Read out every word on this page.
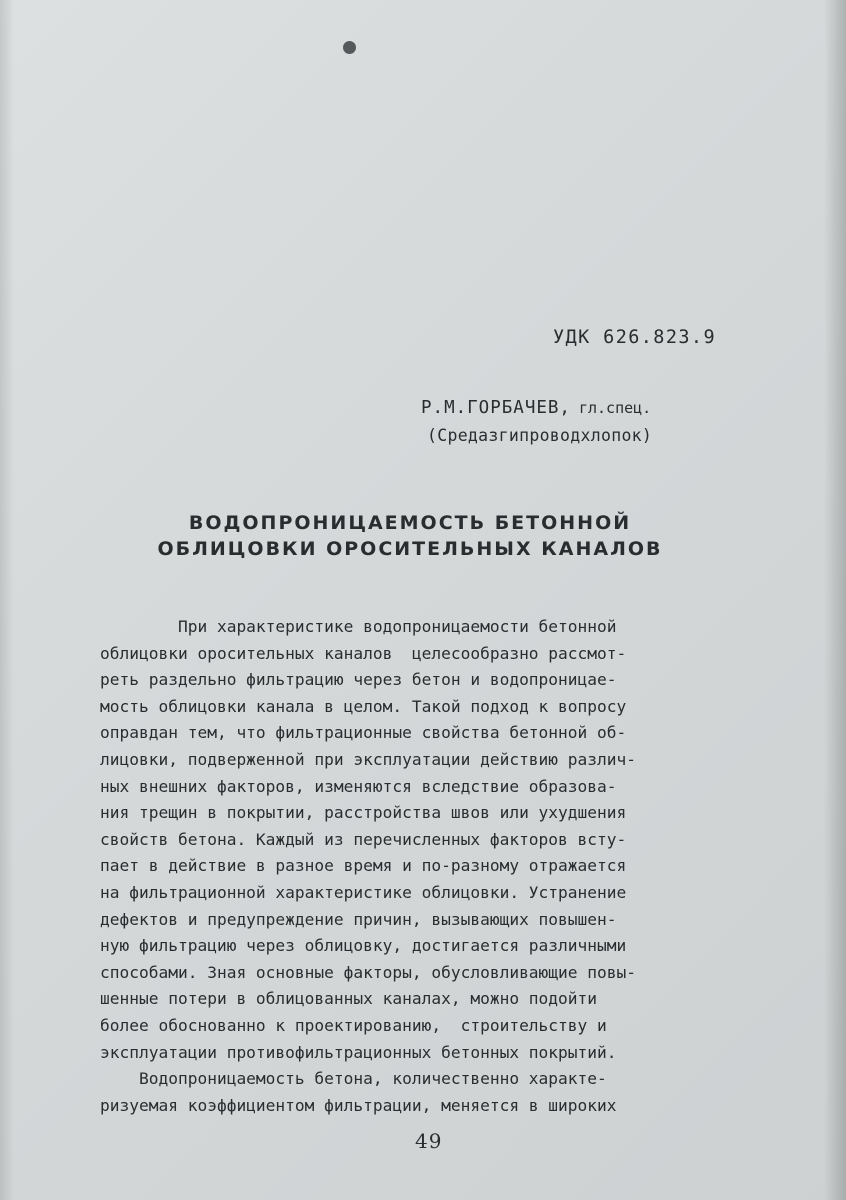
УДК 626.823.9
Р.М.ГОРБАЧЕВ, гл.спец.
(Средазгипроводхлопок)
ВОДОПРОНИЦАЕМОСТЬ БЕТОННОЙ
ОБЛИЦОВКИ ОРОСИТЕЛЬНЫХ КАНАЛОВ
При характеристике водопроницаемости бетонной
облицовки оросительных каналов  целесообразно рассмот-
реть раздельно фильтрацию через бетон и водопроницае-
мость облицовки канала в целом. Такой подход к вопросу
оправдан тем, что фильтрационные свойства бетонной об-
лицовки, подверженной при эксплуатации действию различ-
ных внешних факторов, изменяются вследствие образова-
ния трещин в покрытии, расстройства швов или ухудшения
свойств бетона. Каждый из перечисленных факторов всту-
пает в действие в разное время и по-разному отражается
на фильтрационной характеристике облицовки. Устранение
дефектов и предупреждение причин, вызывающих повышен-
ную фильтрацию через облицовку, достигается различными
способами. Зная основные факторы, обусловливающие повы-
шенные потери в облицованных каналах, можно подойти
более обоснованно к проектированию,  строительству и
эксплуатации противофильтрационных бетонных покрытий.
Водопроницаемость бетона, количественно характе-
ризуемая коэффициентом фильтрации, меняется в широких
49
